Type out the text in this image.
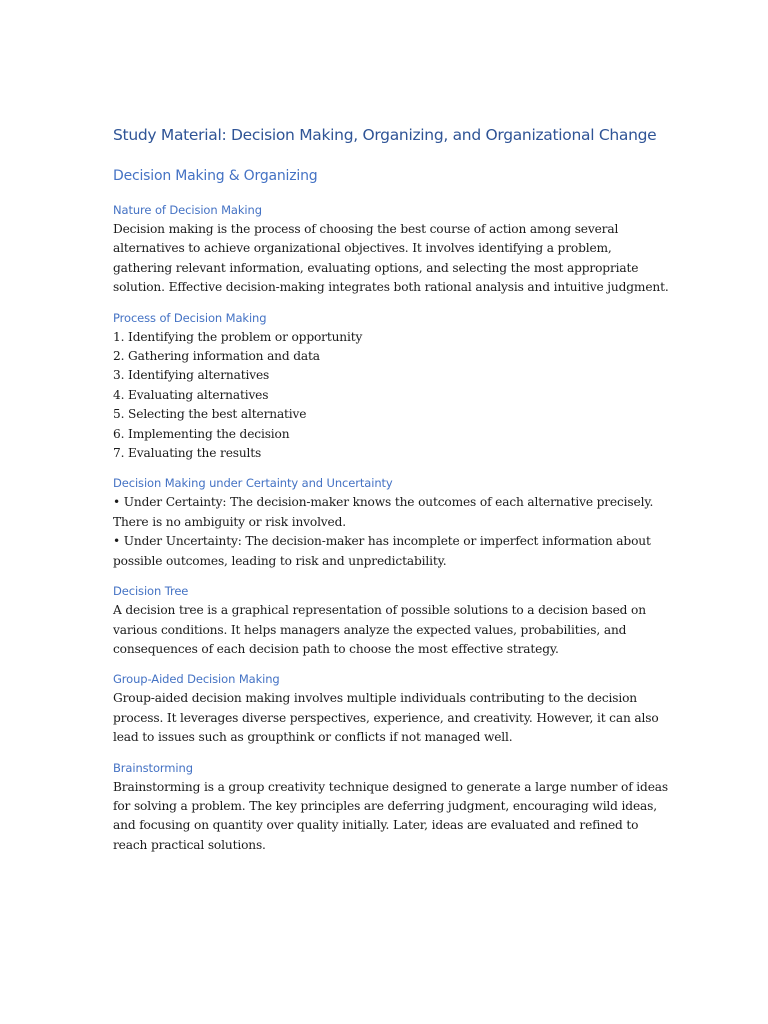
Study Material: Decision Making, Organizing, and Organizational Change
Decision Making & Organizing
Nature of Decision Making
Decision making is the process of choosing the best course of action among several
alternatives to achieve organizational objectives. It involves identifying a problem,
gathering relevant information, evaluating options, and selecting the most appropriate
solution. Effective decision-making integrates both rational analysis and intuitive judgment.
Process of Decision Making
1. Identifying the problem or opportunity
2. Gathering information and data
3. Identifying alternatives
4. Evaluating alternatives
5. Selecting the best alternative
6. Implementing the decision
7. Evaluating the results
Decision Making under Certainty and Uncertainty
• Under Certainty: The decision-maker knows the outcomes of each alternative precisely.
There is no ambiguity or risk involved.
• Under Uncertainty: The decision-maker has incomplete or imperfect information about
possible outcomes, leading to risk and unpredictability.
Decision Tree
A decision tree is a graphical representation of possible solutions to a decision based on
various conditions. It helps managers analyze the expected values, probabilities, and
consequences of each decision path to choose the most effective strategy.
Group-Aided Decision Making
Group-aided decision making involves multiple individuals contributing to the decision
process. It leverages diverse perspectives, experience, and creativity. However, it can also
lead to issues such as groupthink or conflicts if not managed well.
Brainstorming
Brainstorming is a group creativity technique designed to generate a large number of ideas
for solving a problem. The key principles are deferring judgment, encouraging wild ideas,
and focusing on quantity over quality initially. Later, ideas are evaluated and refined to
reach practical solutions.
